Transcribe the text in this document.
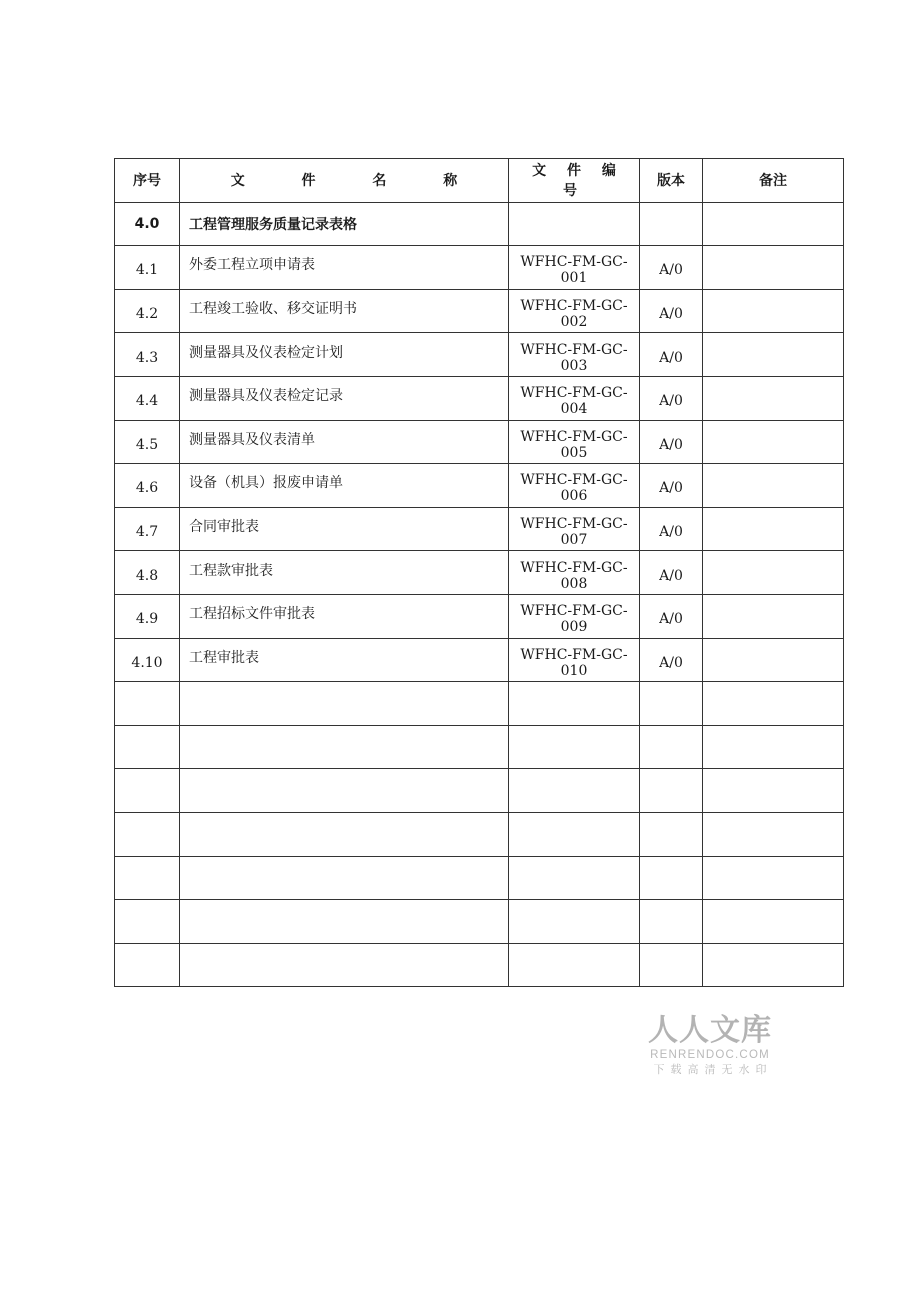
序号	文 件 名 称	文 件 编 号	版本	备注
4.0	工程管理服务质量记录表格			
4.1	外委工程立项申请表	WFHC-FM-GC-001	A/0	
4.2	工程竣工验收、移交证明书	WFHC-FM-GC-002	A/0	
4.3	测量器具及仪表检定计划	WFHC-FM-GC-003	A/0	
4.4	测量器具及仪表检定记录	WFHC-FM-GC-004	A/0	
4.5	测量器具及仪表清单	WFHC-FM-GC-005	A/0	
4.6	设备（机具）报废申请单	WFHC-FM-GC-006	A/0	
4.7	合同审批表	WFHC-FM-GC-007	A/0	
4.8	工程款审批表	WFHC-FM-GC-008	A/0	
4.9	工程招标文件审批表	WFHC-FM-GC-009	A/0	
4.10	工程审批表	WFHC-FM-GC-010	A/0	

人人文库
RENRENDOC.COM
下载高清无水印
